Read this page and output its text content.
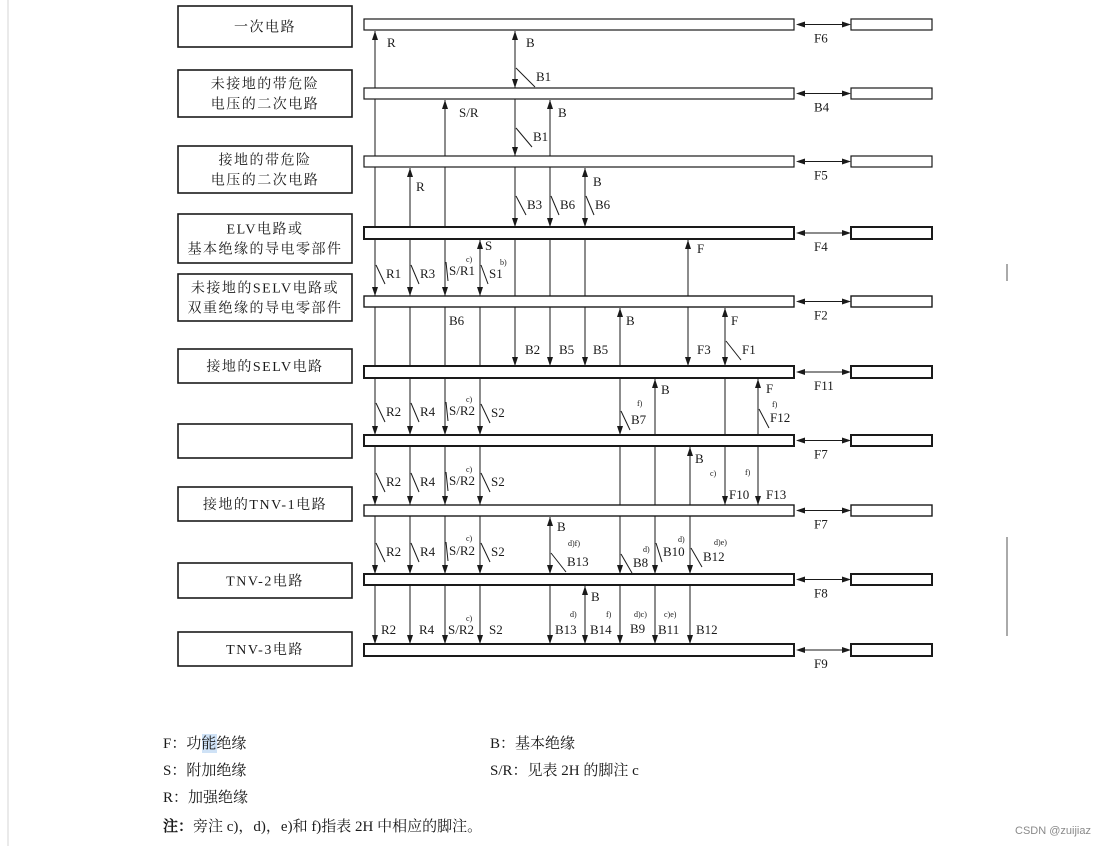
一次电路
未接地的带危险
电压的二次电路
接地的带危险
电压的二次电路
ELV电路或
基本绝缘的导电零部件
未接地的SELV电路或
双重绝缘的导电零部件
接地的SELV电路
接地的TNV-1电路
TNV-2电路
TNV-3电路
F6
B4
F5
F4
F2
F11
F7
F7
F8
F9
R	B
B1
S/R	B
B1
R	B
B3 B6 B6
S	F
R1 R3 S/R1 S1
B6	B	F
B2 B5 B5	F3 F1
B	F
R2 R4 S/R2 S2	B7	F12
B
R2 R4 S/R2 S2
F10 F13
B
R2 R4 S/R2 S2
B13	B8
B10 B12
B
R2 R4 S/R2 S2	B13 B14 B9 B11 B12
c)	b)
c)	f)	f)
c)	c)	f)
c)
d)f)
d)
d)	d)e)
c)	d)	f)	d)c) c)e)
F：功能绝缘	B：基本绝缘
S：附加绝缘	S/R：见表 2H 的脚注 c
R：加强绝缘
注：旁注 c)，d)，e)和 f)指表 2H 中相应的脚注。	CSDN @zuijiaz
